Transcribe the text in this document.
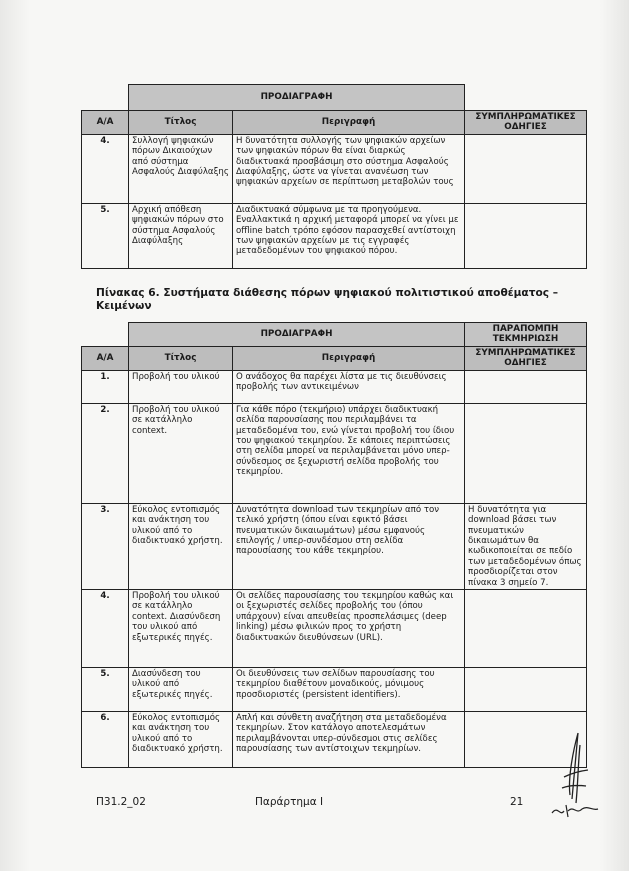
	ΠΡΟΔΙΑΓΡΑΦΗ		
Α/Α	Τίτλος	Περιγραφή	ΣΥΜΠΛΗΡΩΜΑΤΙΚΕΣ ΟΔΗΓΙΕΣ
4.	Συλλογή ψηφιακών πόρων Δικαιούχων από σύστημα Ασφαλούς Διαφύλαξης	Η δυνατότητα συλλογής των ψηφιακών αρχείων των ψηφιακών πόρων θα είναι διαρκώς διαδικτυακά προσβάσιμη στο σύστημα Ασφαλούς Διαφύλαξης, ώστε να γίνεται ανανέωση των ψηφιακών αρχείων σε περίπτωση μεταβολών τους	
5.	Αρχική απόθεση ψηφιακών πόρων στο σύστημα Ασφαλούς Διαφύλαξης	Διαδικτυακά σύμφωνα με τα προηγούμενα. Εναλλακτικά η αρχική μεταφορά μπορεί να γίνει με offline batch τρόπο εφόσον παρασχεθεί αντίστοιχη των ψηφιακών αρχείων με τις εγγραφές μεταδεδομένων του ψηφιακού πόρου.	
Πίνακας 6. Συστήματα διάθεσης πόρων ψηφιακού πολιτιστικού αποθέματος – Κειμένων
	ΠΡΟΔΙΑΓΡΑΦΗ		ΠΑΡΑΠΟΜΠΗ ΤΕΚΜΗΡΙΩΣΗ
Α/Α	Τίτλος	Περιγραφή	ΣΥΜΠΛΗΡΩΜΑΤΙΚΕΣ ΟΔΗΓΙΕΣ
1.	Προβολή του υλικού	Ο ανάδοχος θα παρέχει λίστα με τις διευθύνσεις προβολής των αντικειμένων	
2.	Προβολή του υλικού σε κατάλληλο context.	Για κάθε πόρο (τεκμήριο) υπάρχει διαδικτυακή σελίδα παρουσίασης που περιλαμβάνει τα μεταδεδομένα του, ενώ γίνεται προβολή του ίδιου του ψηφιακού τεκμηρίου. Σε κάποιες περιπτώσεις στη σελίδα μπορεί να περιλαμβάνεται μόνο υπερ-σύνδεσμος σε ξεχωριστή σελίδα προβολής του τεκμηρίου.	
3.	Εύκολος εντοπισμός και ανάκτηση του υλικού από το διαδικτυακό χρήστη.	Δυνατότητα download των τεκμηρίων από τον τελικό χρήστη (όπου είναι εφικτό βάσει πνευματικών δικαιωμάτων) μέσω εμφανούς επιλογής / υπερ-συνδέσμου στη σελίδα παρουσίασης του κάθε τεκμηρίου.	Η δυνατότητα για download βάσει των πνευματικών δικαιωμάτων θα κωδικοποιείται σε πεδίο των μεταδεδομένων όπως προσδιορίζεται στον πίνακα 3 σημείο 7.
4.	Προβολή του υλικού σε κατάλληλο context. Διασύνδεση του υλικού από εξωτερικές πηγές.	Οι σελίδες παρουσίασης του τεκμηρίου καθώς και οι ξεχωριστές σελίδες προβολής του (όπου υπάρχουν) είναι απευθείας προσπελάσιμες (deep linking) μέσω φιλικών προς το χρήστη διαδικτυακών διευθύνσεων (URL).	
5.	Διασύνδεση του υλικού από εξωτερικές πηγές.	Οι διευθύνσεις των σελίδων παρουσίασης του τεκμηρίου διαθέτουν μοναδικούς, μόνιμους προσδιοριστές (persistent identifiers).	
6.	Εύκολος εντοπισμός και ανάκτηση του υλικού από το διαδικτυακό χρήστη.	Απλή και σύνθετη αναζήτηση στα μεταδεδομένα τεκμηρίων. Στον κατάλογο αποτελεσμάτων περιλαμβάνονται υπερ-σύνδεσμοι στις σελίδες παρουσίασης των αντίστοιχων τεκμηρίων.	
Π31.2_02	Παράρτημα Ι	21
